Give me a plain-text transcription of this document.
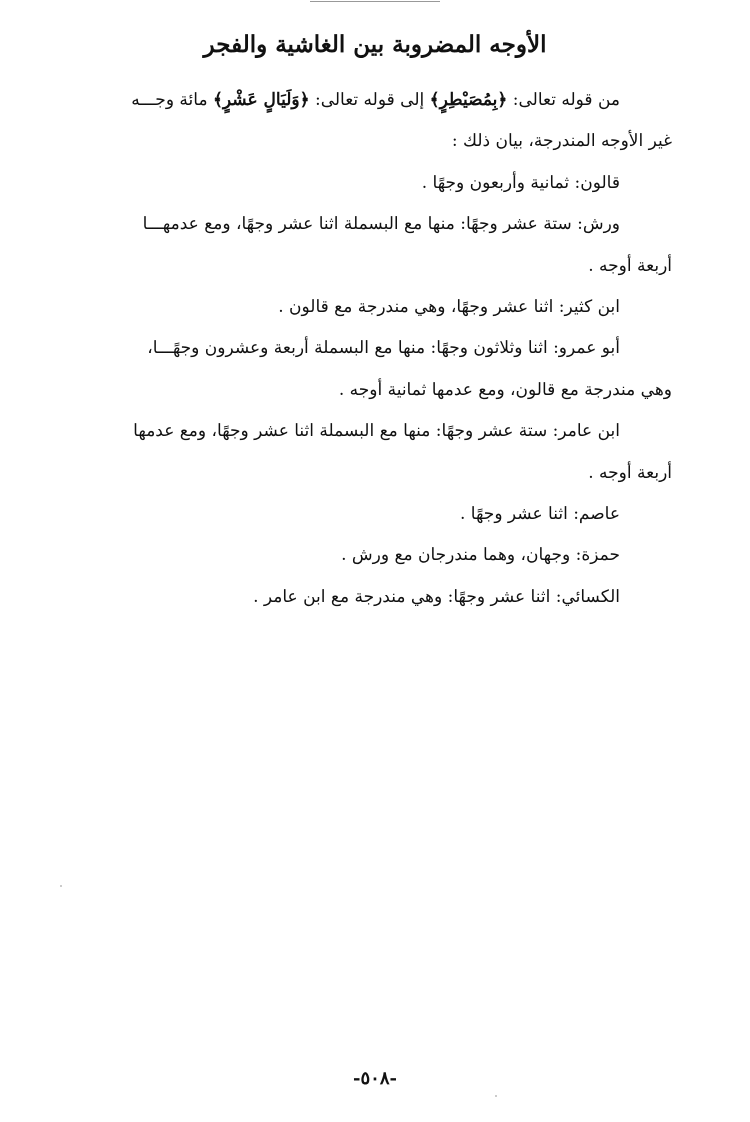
الأوجه المضروبة بين الغاشية والفجر

من قوله تعالى: ﴿بِمُصَيْطِرٍ﴾ إلى قوله تعالى: ﴿وَلَيَالٍ عَشْرٍ﴾ مائة وجـــه

غير الأوجه المندرجة، بيان ذلك :

قالون: ثمانية وأربعون وجهًا .

ورش: ستة عشر وجهًا: منها مع البسملة اثنا عشر وجهًا، ومع عدمهـــا

أربعة أوجه .

ابن كثير: اثنا عشر وجهًا، وهي مندرجة مع قالون .

أبو عمرو: اثنا وثلاثون وجهًا: منها مع البسملة أربعة وعشرون وجهًـــا،

وهي مندرجة مع قالون، ومع عدمها ثمانية أوجه .

ابن عامر: ستة عشر وجهًا: منها مع البسملة اثنا عشر وجهًا، ومع عدمها

أربعة أوجه .

عاصم: اثنا عشر وجهًا .

حمزة: وجهان، وهما مندرجان مع ورش .

الكسائي: اثنا عشر وجهًا: وهي مندرجة مع ابن عامر .

-٥٠٨-
